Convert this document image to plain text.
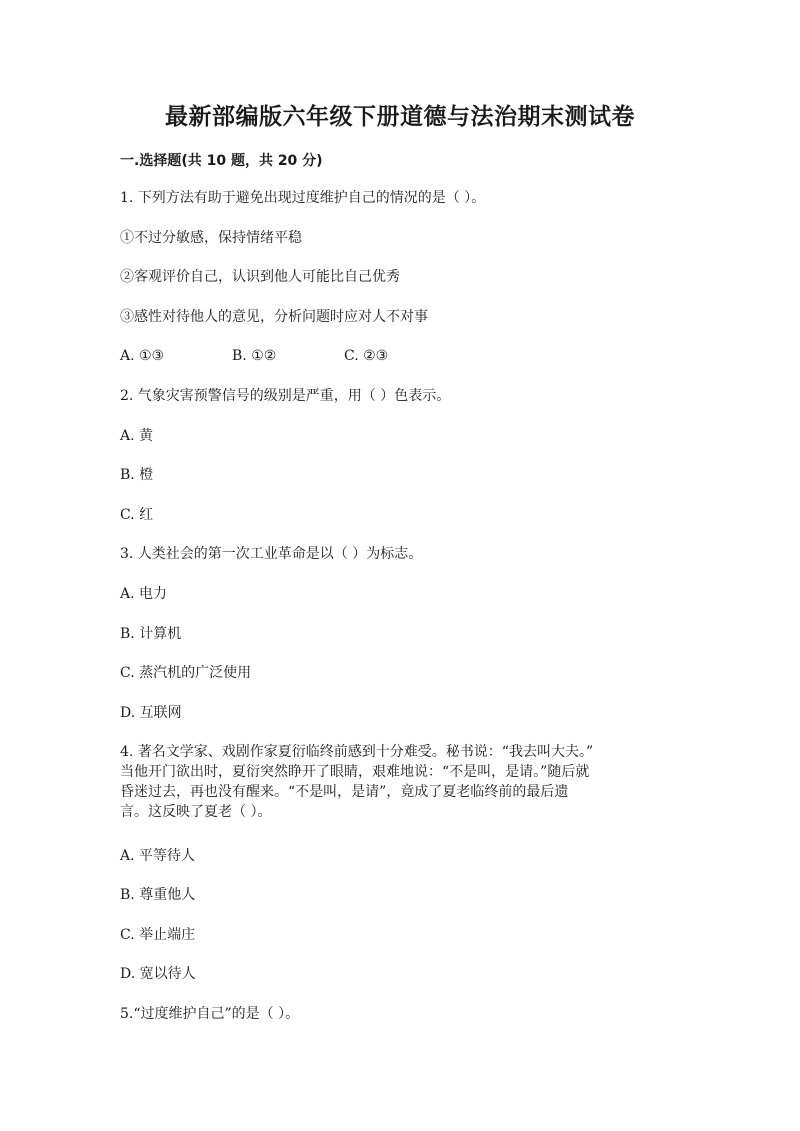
最新部编版六年级下册道德与法治期末测试卷
一.选择题(共 10 题，共 20 分)
1. 下列方法有助于避免出现过度维护自己的情况的是（ ）。
①不过分敏感，保持情绪平稳
②客观评价自己，认识到他人可能比自己优秀
③感性对待他人的意见，分析问题时应对人不对事
A. ①③	B. ①②	C. ②③
2. 气象灾害预警信号的级别是严重，用（ ）色表示。
A. 黄
B. 橙
C. 红
3. 人类社会的第一次工业革命是以（ ）为标志。
A. 电力
B. 计算机
C. 蒸汽机的广泛使用
D. 互联网
4. 著名文学家、戏剧作家夏衍临终前感到十分难受。秘书说：“我去叫大夫。”
当他开门欲出时，夏衍突然睁开了眼睛，艰难地说：“不是叫，是请。”随后就
昏迷过去，再也没有醒来。“不是叫，是请”，竟成了夏老临终前的最后遗
言。这反映了夏老（ ）。
A. 平等待人
B. 尊重他人
C. 举止端庄
D. 宽以待人
5.“过度维护自己”的是（ ）。
